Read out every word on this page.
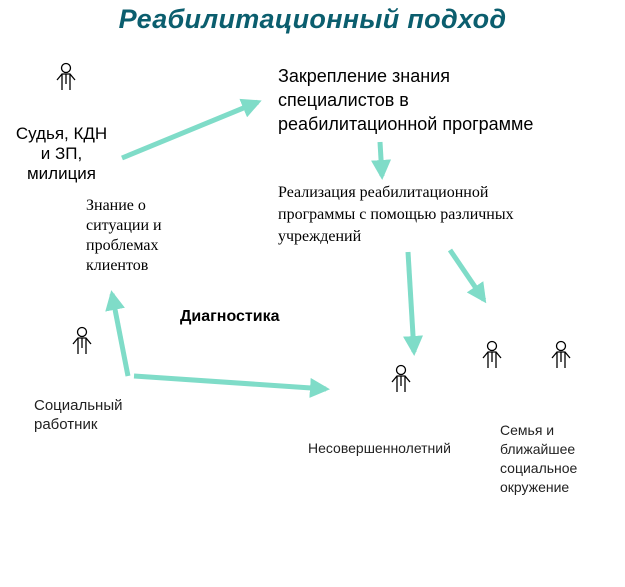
Реабилитационный подход
Судья, КДН
и ЗП,
милиция
Знание о
ситуации и
проблемах
клиентов
Закрепление знания
специалистов в
реабилитационной программе
Реализация реабилитационной
программы с помощью различных
учреждений
Диагностика
Социальный
работник
Несовершеннолетний
Семья и
ближайшее
социальное
окружение
